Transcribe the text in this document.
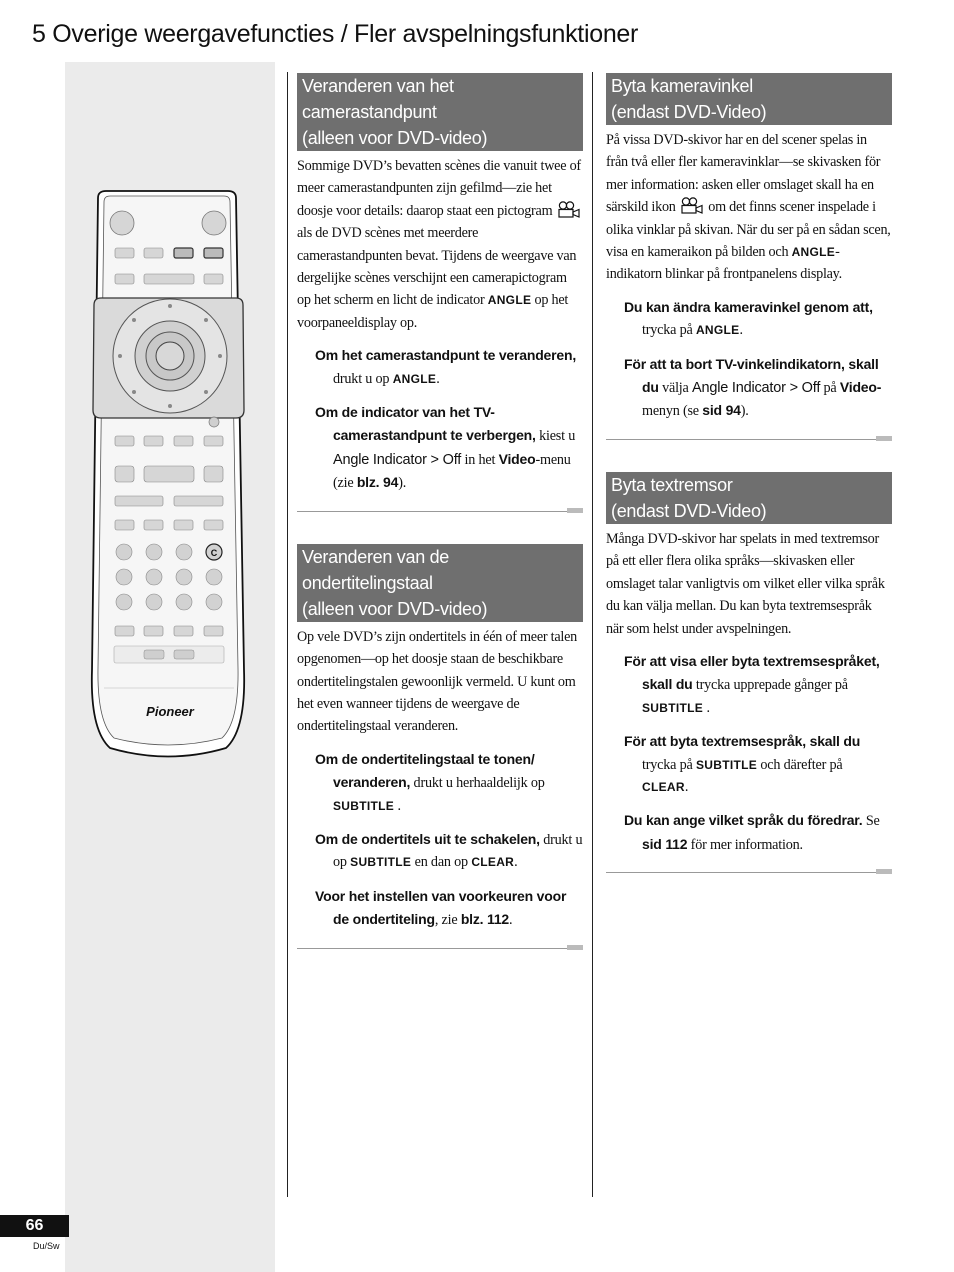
5 Overige weergavefuncties / Fler avspelningsfunktioner
C
Pioneer
Veranderen van het camerastandpunt
(alleen voor DVD-video)

Sommige DVD’s bevatten scènes die vanuit twee of meer camerastandpunten zijn gefilmd—zie het doosje voor details: daarop staat een pictogram  als de DVD scènes met meerdere camerastandpunten bevat. Tijdens de weergave van dergelijke scènes verschijnt een camerapictogram op het scherm en licht de indicator ANGLE op het voorpaneeldisplay op.

Om het camerastandpunt te veranderen, drukt u op ANGLE.

Om de indicator van het TV-camerastandpunt te verbergen, kiest u Angle Indicator > Off in het Video-menu (zie blz. 94).

Veranderen van de ondertitelingstaal
(alleen voor DVD-video)

Op vele DVD’s zijn ondertitels in één of meer talen opgenomen—op het doosje staan de beschikbare ondertitelingstalen gewoonlijk vermeld. U kunt om het even wanneer tijdens de weergave de ondertitelingstaal veranderen.

Om de ondertitelingstaal te tonen/ veranderen, drukt u herhaaldelijk op SUBTITLE .

Om de ondertitels uit te schakelen, drukt u op SUBTITLE en dan op CLEAR.

Voor het instellen van voorkeuren voor de ondertiteling, zie blz. 112.

Byta kameravinkel
(endast DVD-Video)

På vissa DVD-skivor har en del scener spelas in från två eller fler kameravinklar—se skivasken för mer information: asken eller omslaget skall ha en särskild ikon om det finns scener inspelade i olika vinklar på skivan. När du ser på en sådan scen, visa en kameraikon på bilden och ANGLE-indikatorn blinkar på frontpanelens display.

Du kan ändra kameravinkel genom att, trycka på ANGLE.

För att ta bort TV-vinkelindikatorn, skall du välja Angle Indicator > Off på Video-menyn (se sid 94).

Byta textremsor
(endast DVD-Video)

Många DVD-skivor har spelats in med textremsor på ett eller flera olika språks—skivasken eller omslaget talar vanligtvis om vilket eller vilka språk du kan välja mellan. Du kan byta textremsespråk när som helst under avspelningen.

För att visa eller byta textremsespråket, skall du trycka upprepade gånger på SUBTITLE .

För att byta textremsespråk, skall du trycka på SUBTITLE och därefter på CLEAR.

Du kan ange vilket språk du föredrar. Se sid 112 för mer information.

66
Du/Sw
